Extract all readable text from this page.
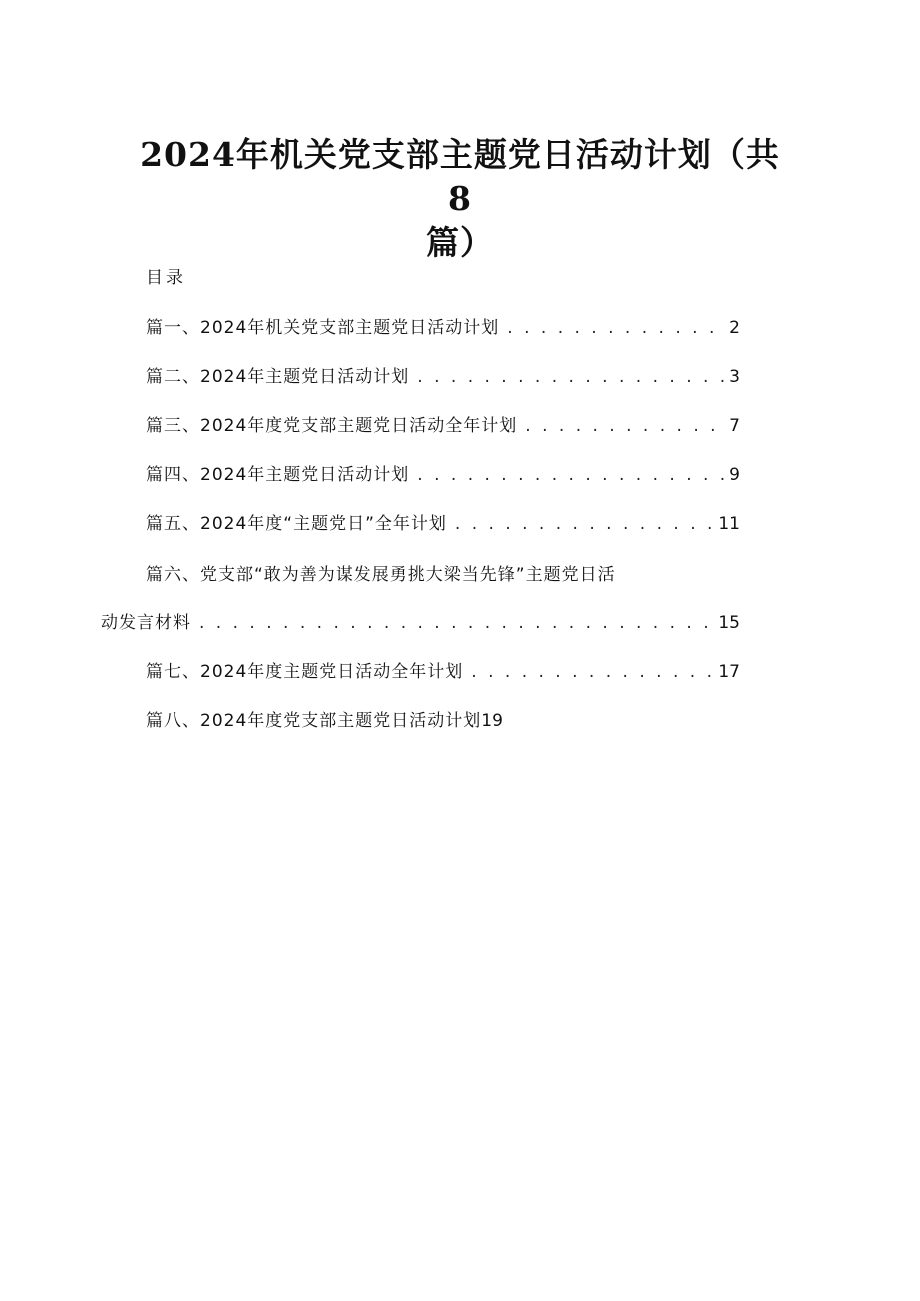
2024年机关党支部主题党日活动计划（共8
篇）
目录
篇一、2024年机关党支部主题党日活动计划 . . .	2
篇二、2024年主题党日活动计划 . . .	3
篇三、2024年度党支部主题党日活动全年计划 . . .	7
篇四、2024年主题党日活动计划 . . .	9
篇五、2024年度“主题党日”全年计划 . . .	11
篇六、党支部“敢为善为谋发展勇挑大梁当先锋”主题党日活
动发言材料 . . .	15
篇七、2024年度主题党日活动全年计划 . . .	17
篇八、2024年度党支部主题党日活动计划 19
